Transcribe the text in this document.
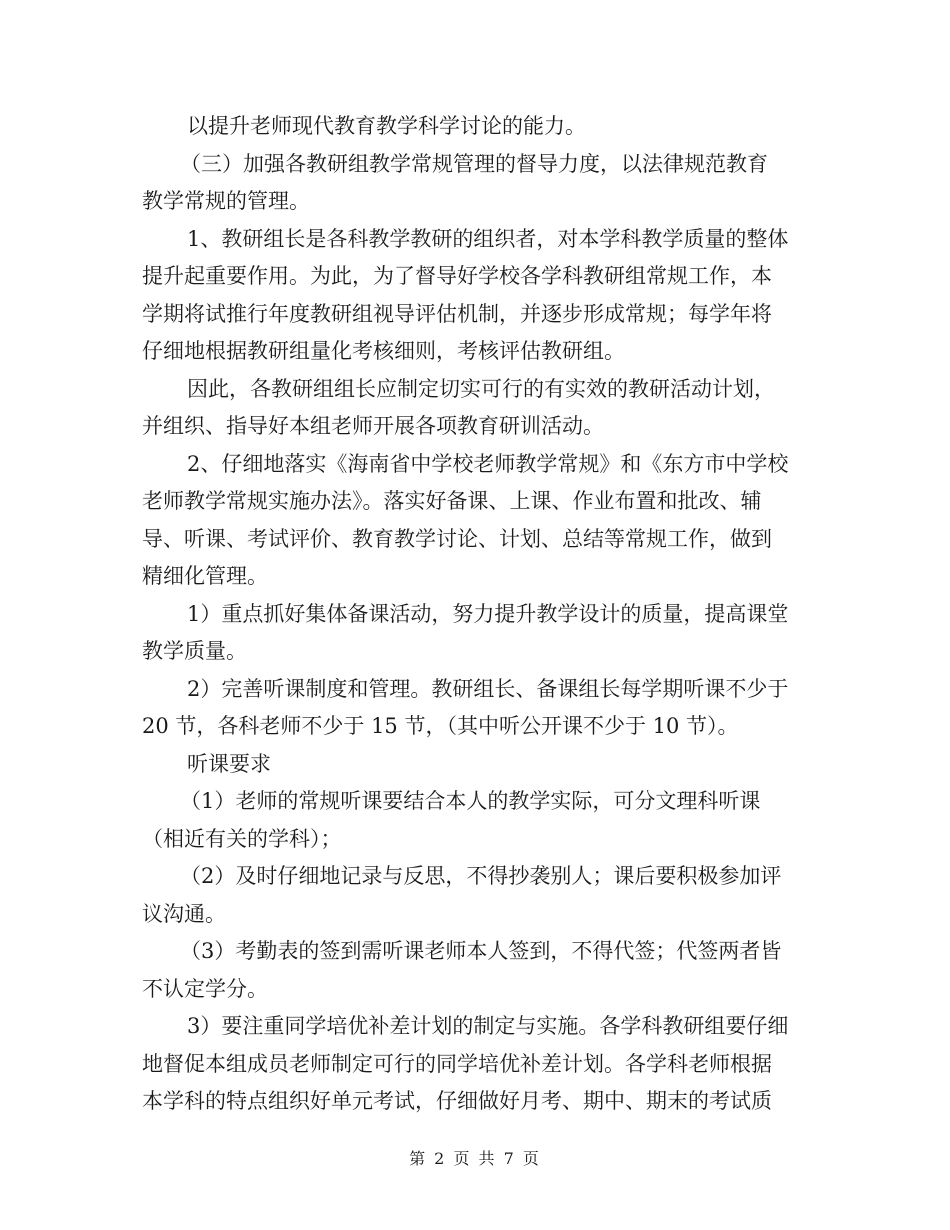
以提升老师现代教育教学科学讨论的能力。
（三）加强各教研组教学常规管理的督导力度，以法律规范教育
教学常规的管理。
1、教研组长是各科教学教研的组织者，对本学科教学质量的整体
提升起重要作用。为此，为了督导好学校各学科教研组常规工作，本
学期将试推行年度教研组视导评估机制，并逐步形成常规；每学年将
仔细地根据教研组量化考核细则，考核评估教研组。
因此，各教研组组长应制定切实可行的有实效的教研活动计划，
并组织、指导好本组老师开展各项教育研训活动。
2、仔细地落实《海南省中学校老师教学常规》和《东方市中学校
老师教学常规实施办法》。落实好备课、上课、作业布置和批改、辅
导、听课、考试评价、教育教学讨论、计划、总结等常规工作，做到
精细化管理。
1）重点抓好集体备课活动，努力提升教学设计的质量，提高课堂
教学质量。
2）完善听课制度和管理。教研组长、备课组长每学期听课不少于
20 节，各科老师不少于 15 节，（其中听公开课不少于 10 节）。
听课要求
（1）老师的常规听课要结合本人的教学实际，可分文理科听课
（相近有关的学科）；
（2）及时仔细地记录与反思，不得抄袭别人；课后要积极参加评
议沟通。
（3）考勤表的签到需听课老师本人签到，不得代签；代签两者皆
不认定学分。
3）要注重同学培优补差计划的制定与实施。各学科教研组要仔细
地督促本组成员老师制定可行的同学培优补差计划。各学科老师根据
本学科的特点组织好单元考试，仔细做好月考、期中、期末的考试质
第 2 页 共 7 页
